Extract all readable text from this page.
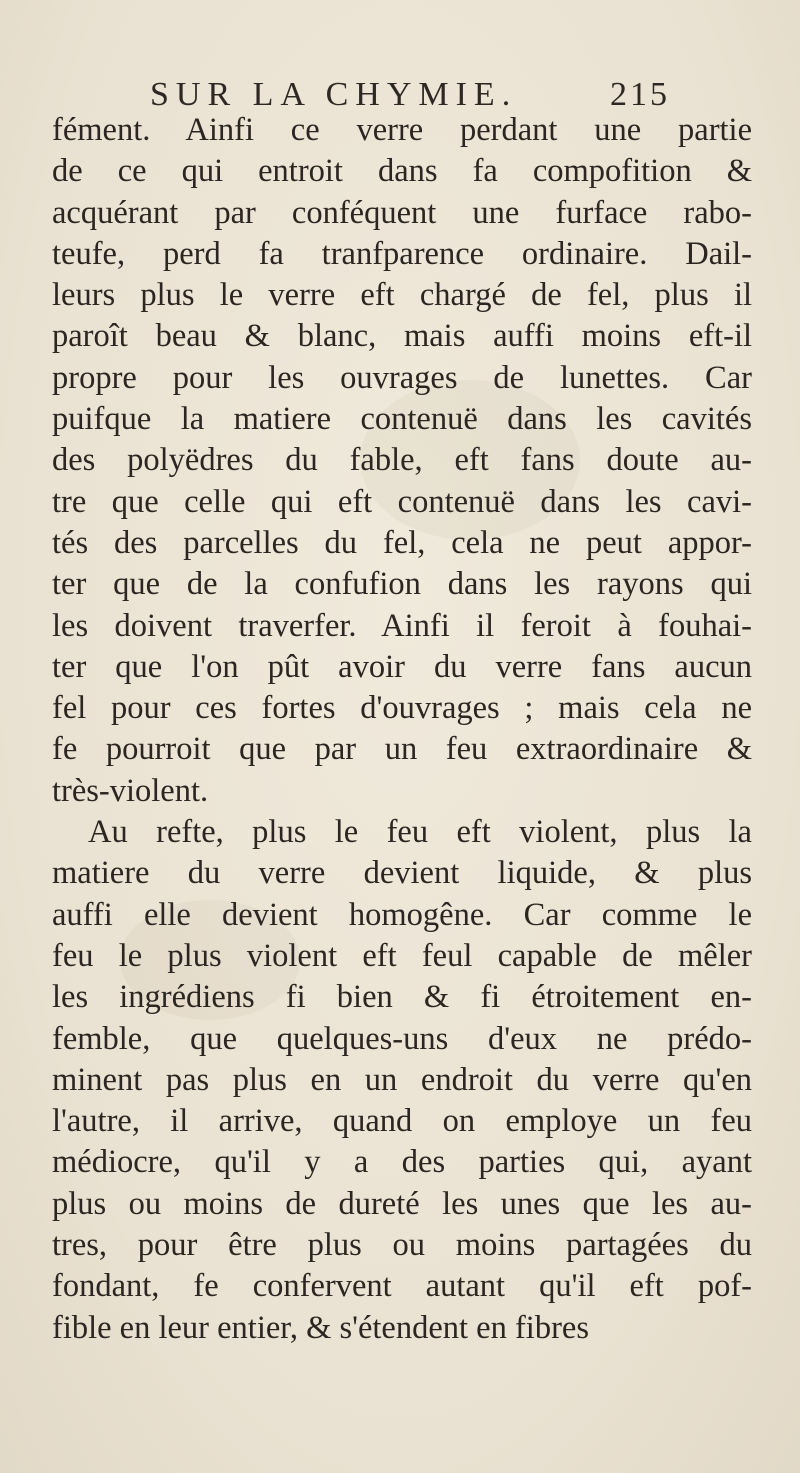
SUR LA CHYMIE.	215
fément. Ainfi ce verre perdant une partie
de ce qui entroit dans fa compofition &
acquérant par conféquent une furface rabo-
teufe, perd fa tranfparence ordinaire. Dail-
leurs plus le verre eft chargé de fel, plus il
paroît beau & blanc, mais auffi moins eft-il
propre pour les ouvrages de lunettes. Car
puifque la matiere contenuë dans les cavités
des polyëdres du fable, eft fans doute au-
tre que celle qui eft contenuë dans les cavi-
tés des parcelles du fel, cela ne peut appor-
ter que de la confufion dans les rayons qui
les doivent traverfer. Ainfi il feroit à fouhai-
ter que l'on pût avoir du verre fans aucun
fel pour ces fortes d'ouvrages ; mais cela ne
fe pourroit que par un feu extraordinaire &
très-violent.
Au refte, plus le feu eft violent, plus la
matiere du verre devient liquide, & plus
auffi elle devient homogêne. Car comme le
feu le plus violent eft feul capable de mêler
les ingrédiens fi bien & fi étroitement en-
femble, que quelques-uns d'eux ne prédo-
minent pas plus en un endroit du verre qu'en
l'autre, il arrive, quand on employe un feu
médiocre, qu'il y a des parties qui, ayant
plus ou moins de dureté les unes que les au-
tres, pour être plus ou moins partagées du
fondant, fe confervent autant qu'il eft pof-
fible en leur entier, & s'étendent en fibres
